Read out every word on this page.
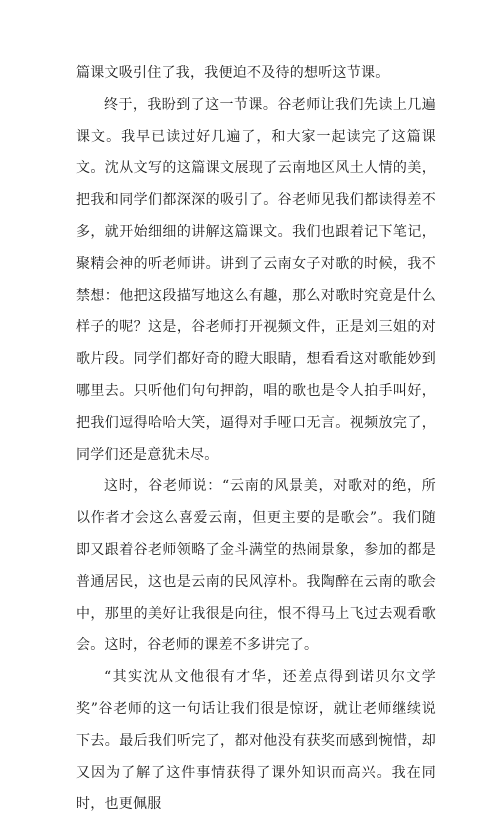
篇课文吸引住了我，我便迫不及待的想听这节课。

终于，我盼到了这一节课。谷老师让我们先读上几遍课文。我早已读过好几遍了，和大家一起读完了这篇课文。沈从文写的这篇课文展现了云南地区风土人情的美，把我和同学们都深深的吸引了。谷老师见我们都读得差不多，就开始细细的讲解这篇课文。我们也跟着记下笔记，聚精会神的听老师讲。讲到了云南女子对歌的时候，我不禁想：他把这段描写地这么有趣，那么对歌时究竟是什么样子的呢？这是，谷老师打开视频文件，正是刘三姐的对歌片段。同学们都好奇的瞪大眼睛，想看看这对歌能妙到哪里去。只听他们句句押韵，唱的歌也是令人拍手叫好，把我们逗得哈哈大笑，逼得对手哑口无言。视频放完了，同学们还是意犹未尽。

这时，谷老师说：“云南的风景美，对歌对的绝，所以作者才会这么喜爱云南，但更主要的是歌会”。我们随即又跟着谷老师领略了金斗满堂的热闹景象，参加的都是普通居民，这也是云南的民风淳朴。我陶醉在云南的歌会中，那里的美好让我很是向往，恨不得马上飞过去观看歌会。这时，谷老师的课差不多讲完了。

“其实沈从文他很有才华，还差点得到诺贝尔文学奖”谷老师的这一句话让我们很是惊讶，就让老师继续说下去。最后我们听完了，都对他没有获奖而感到惋惜，却又因为了解了这件事情获得了课外知识而高兴。我在同时，也更佩服
